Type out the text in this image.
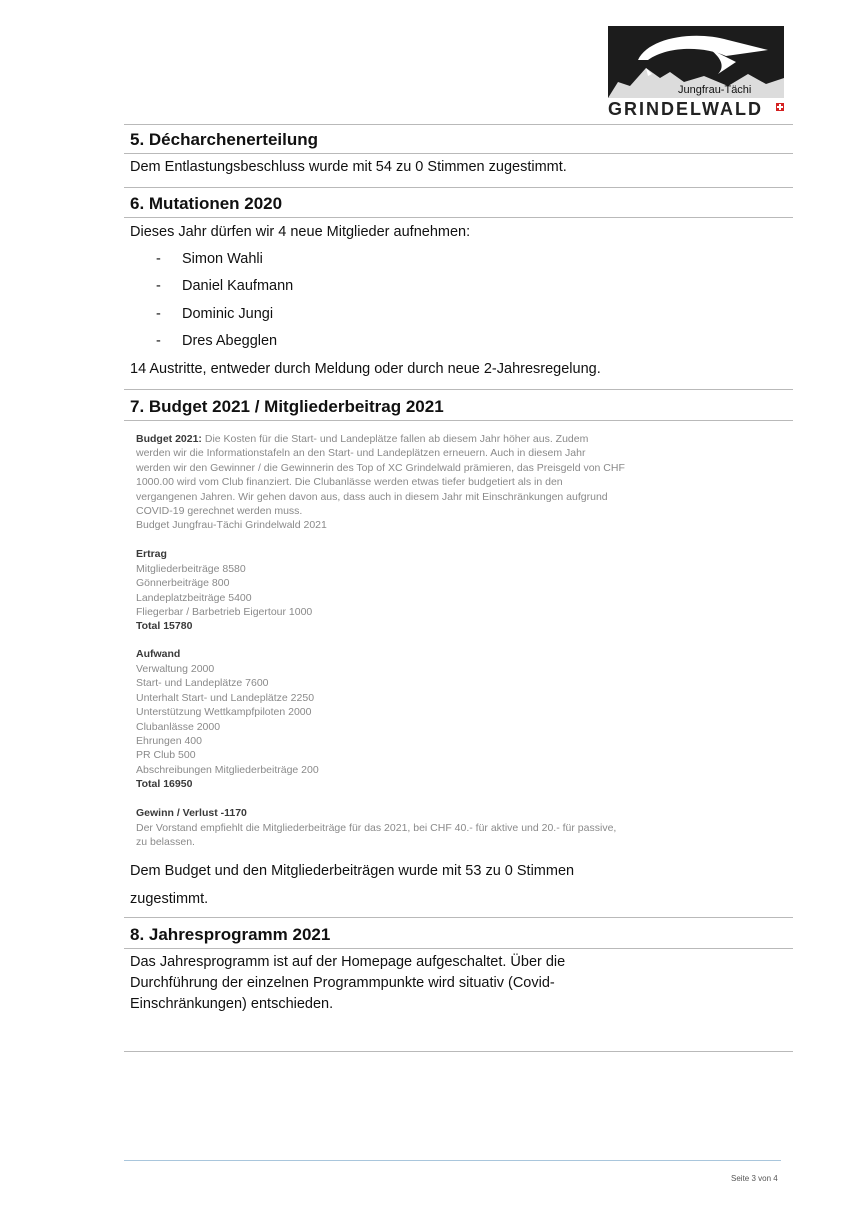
Jungfrau-Tächi
GRINDELWALD
5. Décharchenerteilung
Dem Entlastungsbeschluss wurde mit 54 zu 0 Stimmen zugestimmt.
6. Mutationen 2020
Dieses Jahr dürfen wir 4 neue Mitglieder aufnehmen:
- Simon Wahli
- Daniel Kaufmann
- Dominic Jungi
- Dres Abegglen
14 Austritte, entweder durch Meldung oder durch neue 2-Jahresregelung.
7. Budget 2021 / Mitgliederbeitrag 2021
Budget 2021: Die Kosten für die Start- und Landeplätze fallen ab diesem Jahr höher aus. Zudem
werden wir die Informationstafeln an den Start- und Landeplätzen erneuern. Auch in diesem Jahr
werden wir den Gewinner / die Gewinnerin des Top of XC Grindelwald prämieren, das Preisgeld von CHF
1000.00 wird vom Club finanziert. Die Clubanlässe werden etwas tiefer budgetiert als in den
vergangenen Jahren. Wir gehen davon aus, dass auch in diesem Jahr mit Einschränkungen aufgrund
COVID-19 gerechnet werden muss.
Budget Jungfrau-Tächi Grindelwald 2021
Ertrag
Mitgliederbeiträge 8580
Gönnerbeiträge 800
Landeplatzbeiträge 5400
Fliegerbar / Barbetrieb Eigertour 1000
Total 15780
Aufwand
Verwaltung 2000
Start- und Landeplätze 7600
Unterhalt Start- und Landeplätze 2250
Unterstützung Wettkampfpiloten 2000
Clubanlässe 2000
Ehrungen 400
PR Club 500
Abschreibungen Mitgliederbeiträge 200
Total 16950
Gewinn / Verlust -1170
Der Vorstand empfiehlt die Mitgliederbeiträge für das 2021, bei CHF 40.- für aktive und 20.- für passive,
zu belassen.
Dem Budget und den Mitgliederbeiträgen wurde mit 53 zu 0 Stimmen
zugestimmt.
8. Jahresprogramm 2021
Das Jahresprogramm ist auf der Homepage aufgeschaltet. Über die
Durchführung der einzelnen Programmpunkte wird situativ (Covid-
Einschränkungen) entschieden.
Seite 3 von 4
